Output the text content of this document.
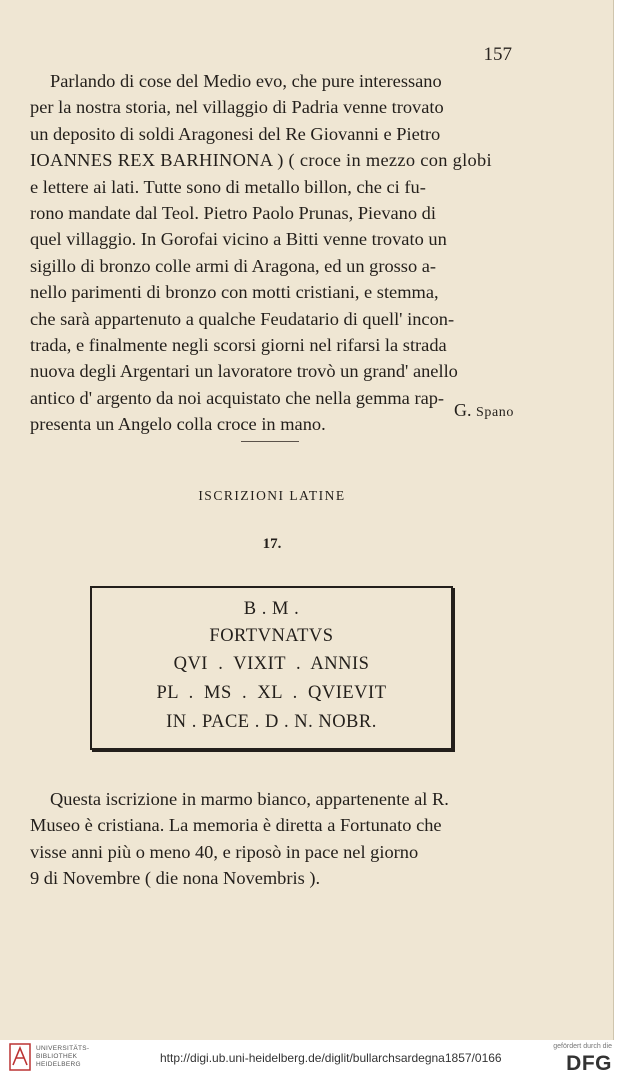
157
Parlando di cose del Medio evo, che pure interessano
per la nostra storia, nel villaggio di Padria venne trovato
un deposito di soldi Aragonesi del Re Giovanni e Pietro
IOANNES REX BARHINONA ) ( croce in mezzo con globi
e lettere ai lati. Tutte sono di metallo billon, che ci fu-
rono mandate dal Teol. Pietro Paolo Prunas, Pievano di
quel villaggio. In Gorofai vicino a Bitti venne trovato un
sigillo di bronzo colle armi di Aragona, ed un grosso a-
nello parimenti di bronzo con motti cristiani, e stemma,
che sarà appartenuto a qualche Feudatario di quell' incon-
trada, e finalmente negli scorsi giorni nel rifarsi la strada
nuova degli Argentari un lavoratore trovò un grand' anello
antico d' argento da noi acquistato che nella gemma rap-
presenta un Angelo colla croce in mano.
G. Spano
ISCRIZIONI LATINE
17.
B . M .
FORTVNATVS
QVI  .  VIXIT  .  ANNIS
PL  .  MS  .  XL  .  QVIEVIT
IN . PACE . D . N. NOBR.
Questa iscrizione in marmo bianco, appartenente al R.
Museo è cristiana. La memoria è diretta a Fortunato che
visse anni più o meno 40, e riposò in pace nel giorno
9 di Novembre ( die nona Novembris ).
UNIVERSITÄTS-
BIBLIOTHEK
HEIDELBERG	http://digi.ub.uni-heidelberg.de/diglit/bullarchsardegna1857/0166
gefördert durch die
DFG
